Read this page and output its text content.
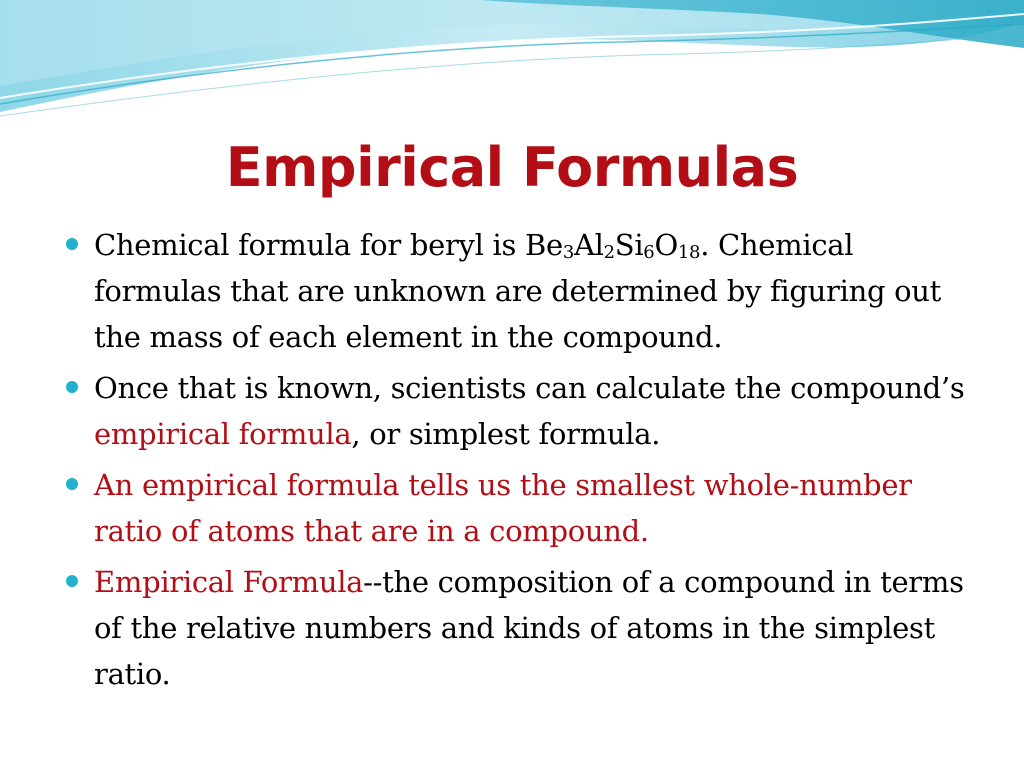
Empirical Formulas
Chemical formula for beryl is Be3Al2Si6O18. Chemical formulas that are unknown are determined by figuring out the mass of each element in the compound.
Once that is known, scientists can calculate the compound’s empirical formula, or simplest formula.
An empirical formula tells us the smallest whole-number ratio of atoms that are in a compound.
Empirical Formula--the composition of a compound in terms of the relative numbers and kinds of atoms in the simplest ratio.
